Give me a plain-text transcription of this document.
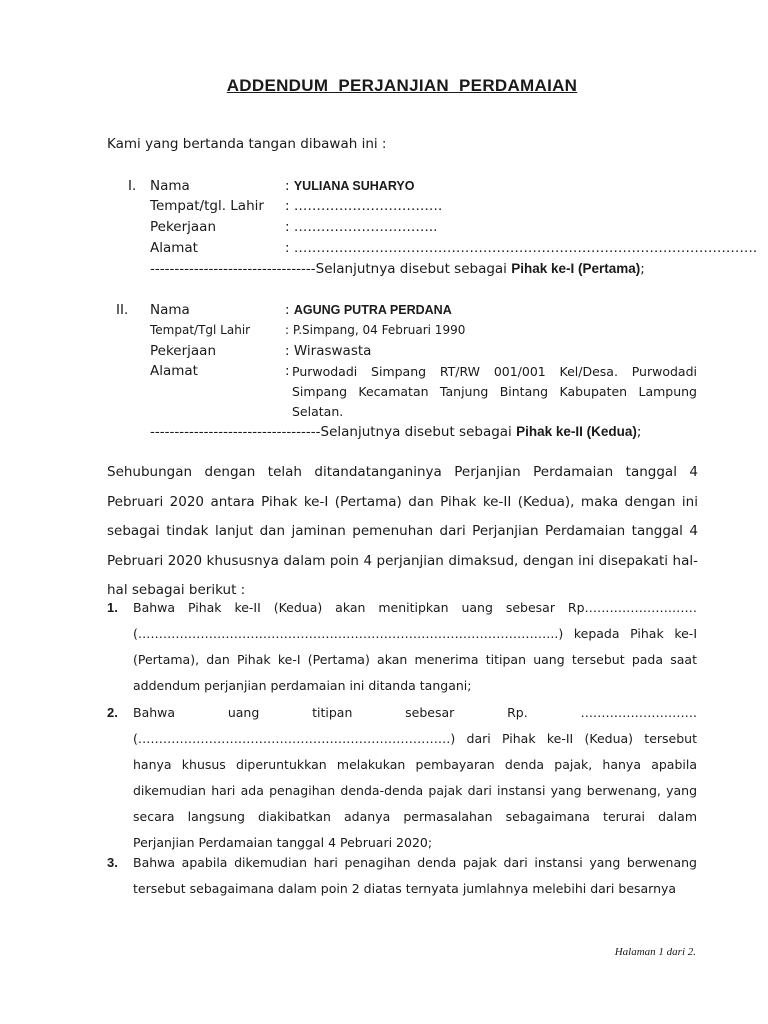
ADDENDUM PERJANJIAN PERDAMAIAN
Kami yang bertanda tangan dibawah ini :
I. Nama	: YULIANA SUHARYO
Tempat/tgl. Lahir : ……………………………
Pekerjaan	: …………………………..
Alamat	: ………………………………………………………………………………………….
----------------------------------Selanjutnya disebut sebagai Pihak ke-I (Pertama);
II. Nama	: AGUNG PUTRA PERDANA
Tempat/Tgl Lahir	: P.Simpang, 04 Februari 1990
Pekerjaan	: Wiraswasta
Alamat	: Purwodadi Simpang RT/RW 001/001 Kel/Desa. Purwodadi Simpang Kecamatan Tanjung Bintang Kabupaten Lampung Selatan.
-----------------------------------Selanjutnya disebut sebagai Pihak ke-II (Kedua);
Sehubungan dengan telah ditandatanganinya Perjanjian Perdamaian tanggal 4 Pebruari 2020 antara Pihak ke-I (Pertama) dan Pihak ke-II (Kedua), maka dengan ini sebagai tindak lanjut dan jaminan pemenuhan dari Perjanjian Perdamaian tanggal 4 Pebruari 2020 khususnya dalam poin 4 perjanjian dimaksud, dengan ini disepakati hal-hal sebagai berikut :
1. Bahwa Pihak ke-II (Kedua) akan menitipkan uang sebesar Rp……………………… (………………………………………………………………………………………..) kepada Pihak ke-I (Pertama), dan Pihak ke-I (Pertama) akan menerima titipan uang tersebut pada saat addendum perjanjian perdamaian ini ditanda tangani;
2. Bahwa uang titipan sebesar Rp. ………………………. (…………………………………………………………………) dari Pihak ke-II (Kedua) tersebut hanya khusus diperuntukkan melakukan pembayaran denda pajak, hanya apabila dikemudian hari ada penagihan denda-denda pajak dari instansi yang berwenang, yang secara langsung diakibatkan adanya permasalahan sebagaimana terurai dalam Perjanjian Perdamaian tanggal 4 Pebruari 2020;
3. Bahwa apabila dikemudian hari penagihan denda pajak dari instansi yang berwenang tersebut sebagaimana dalam poin 2 diatas ternyata jumlahnya melebihi dari besarnya
Halaman 1 dari 2.
